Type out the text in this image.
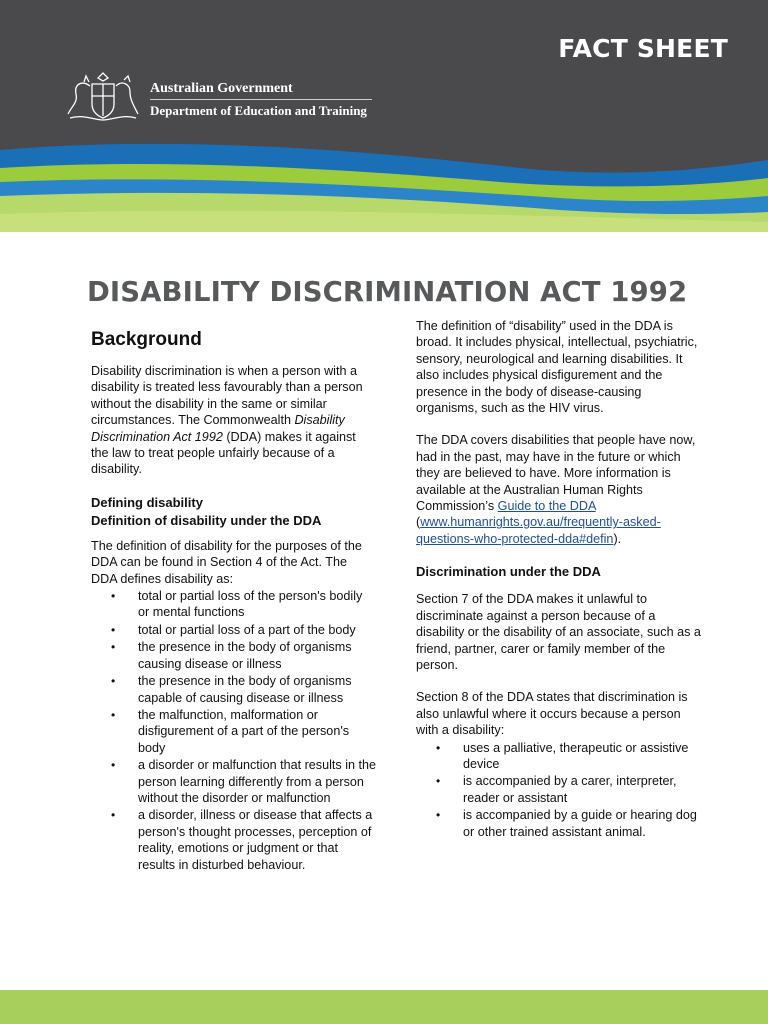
FACT SHEET
Australian Government
Department of Education and Training
DISABILITY DISCRIMINATION ACT 1992
Background

Disability discrimination is when a person with a disability is treated less favourably than a person without the disability in the same or similar circumstances. The Commonwealth Disability Discrimination Act 1992 (DDA) makes it against the law to treat people unfairly because of a disability.

Defining disability
Definition of disability under the DDA

The definition of disability for the purposes of the DDA can be found in Section 4 of the Act. The DDA defines disability as:

• total or partial loss of the person's bodily or mental functions
• total or partial loss of a part of the body
• the presence in the body of organisms causing disease or illness
• the presence in the body of organisms capable of causing disease or illness
• the malfunction, malformation or disfigurement of a part of the person's body
• a disorder or malfunction that results in the person learning differently from a person without the disorder or malfunction
• a disorder, illness or disease that affects a person's thought processes, perception of reality, emotions or judgment or that results in disturbed behaviour.

The definition of “disability” used in the DDA is broad. It includes physical, intellectual, psychiatric, sensory, neurological and learning disabilities. It also includes physical disfigurement and the presence in the body of disease-causing organisms, such as the HIV virus.

The DDA covers disabilities that people have now, had in the past, may have in the future or which they are believed to have. More information is available at the Australian Human Rights Commission’s Guide to the DDA (www.humanrights.gov.au/frequently-asked-questions-who-protected-dda#defin).

Discrimination under the DDA

Section 7 of the DDA makes it unlawful to discriminate against a person because of a disability or the disability of an associate, such as a friend, partner, carer or family member of the person.

Section 8 of the DDA states that discrimination is also unlawful where it occurs because a person with a disability:

• uses a palliative, therapeutic or assistive device
• is accompanied by a carer, interpreter, reader or assistant
• is accompanied by a guide or hearing dog or other trained assistant animal.
